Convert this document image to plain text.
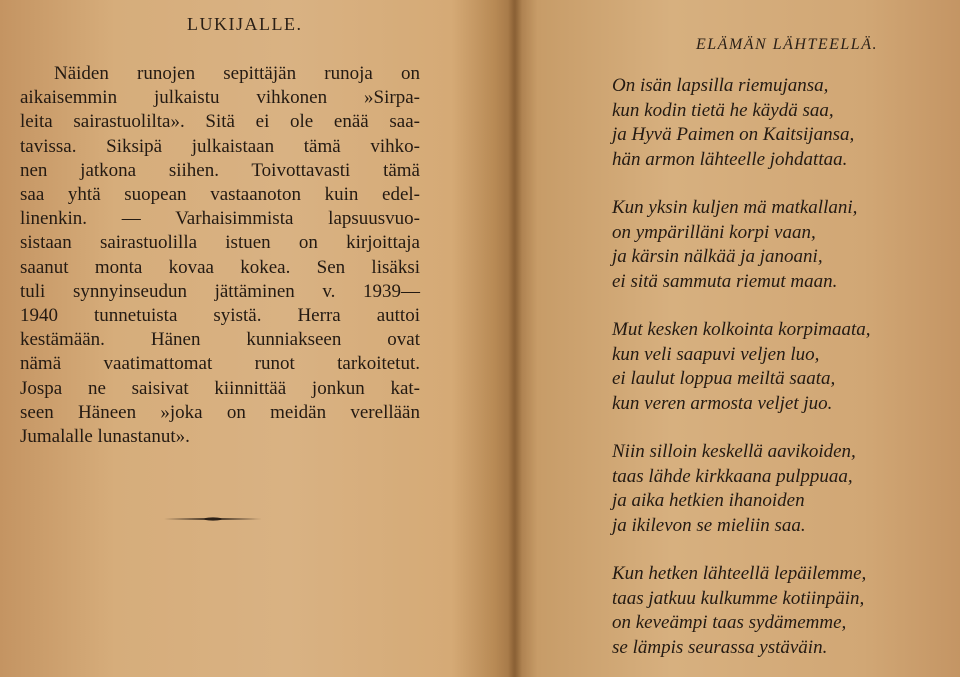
LUKIJALLE.
Näiden runojen sepittäjän runoja on
aikaisemmin julkaistu vihkonen »Sirpa-
leita sairastuolilta». Sitä ei ole enää saa-
tavissa. Siksipä julkaistaan tämä vihko-
nen jatkona siihen. Toivottavasti tämä
saa yhtä suopean vastaanoton kuin edel-
linenkin. — Varhaisimmista lapsuusvuo-
sistaan sairastuolilla istuen on kirjoittaja
saanut monta kovaa kokea. Sen lisäksi
tuli synnyinseudun jättäminen v. 1939—
1940 tunnetuista syistä. Herra auttoi
kestämään. Hänen kunniakseen ovat
nämä vaatimattomat runot tarkoitetut.
Jospa ne saisivat kiinnittää jonkun kat-
seen Häneen »joka on meidän verellään
Jumalalle lunastanut».
ELÄMÄN LÄHTEELLÄ.
On isän lapsilla riemujansa,
kun kodin tietä he käydä saa,
ja Hyvä Paimen on Kaitsijansa,
hän armon lähteelle johdattaa.
Kun yksin kuljen mä matkallani,
on ympärilläni korpi vaan,
ja kärsin nälkää ja janoani,
ei sitä sammuta riemut maan.
Mut kesken kolkointa korpimaata,
kun veli saapuvi veljen luo,
ei laulut loppua meiltä saata,
kun veren armosta veljet juo.
Niin silloin keskellä aavikoiden,
taas lähde kirkkaana pulppuaa,
ja aika hetkien ihanoiden
ja ikilevon se mieliin saa.
Kun hetken lähteellä lepäilemme,
taas jatkuu kulkumme kotiinpäin,
on keveämpi taas sydämemme,
se lämpis seurassa ystäväin.
